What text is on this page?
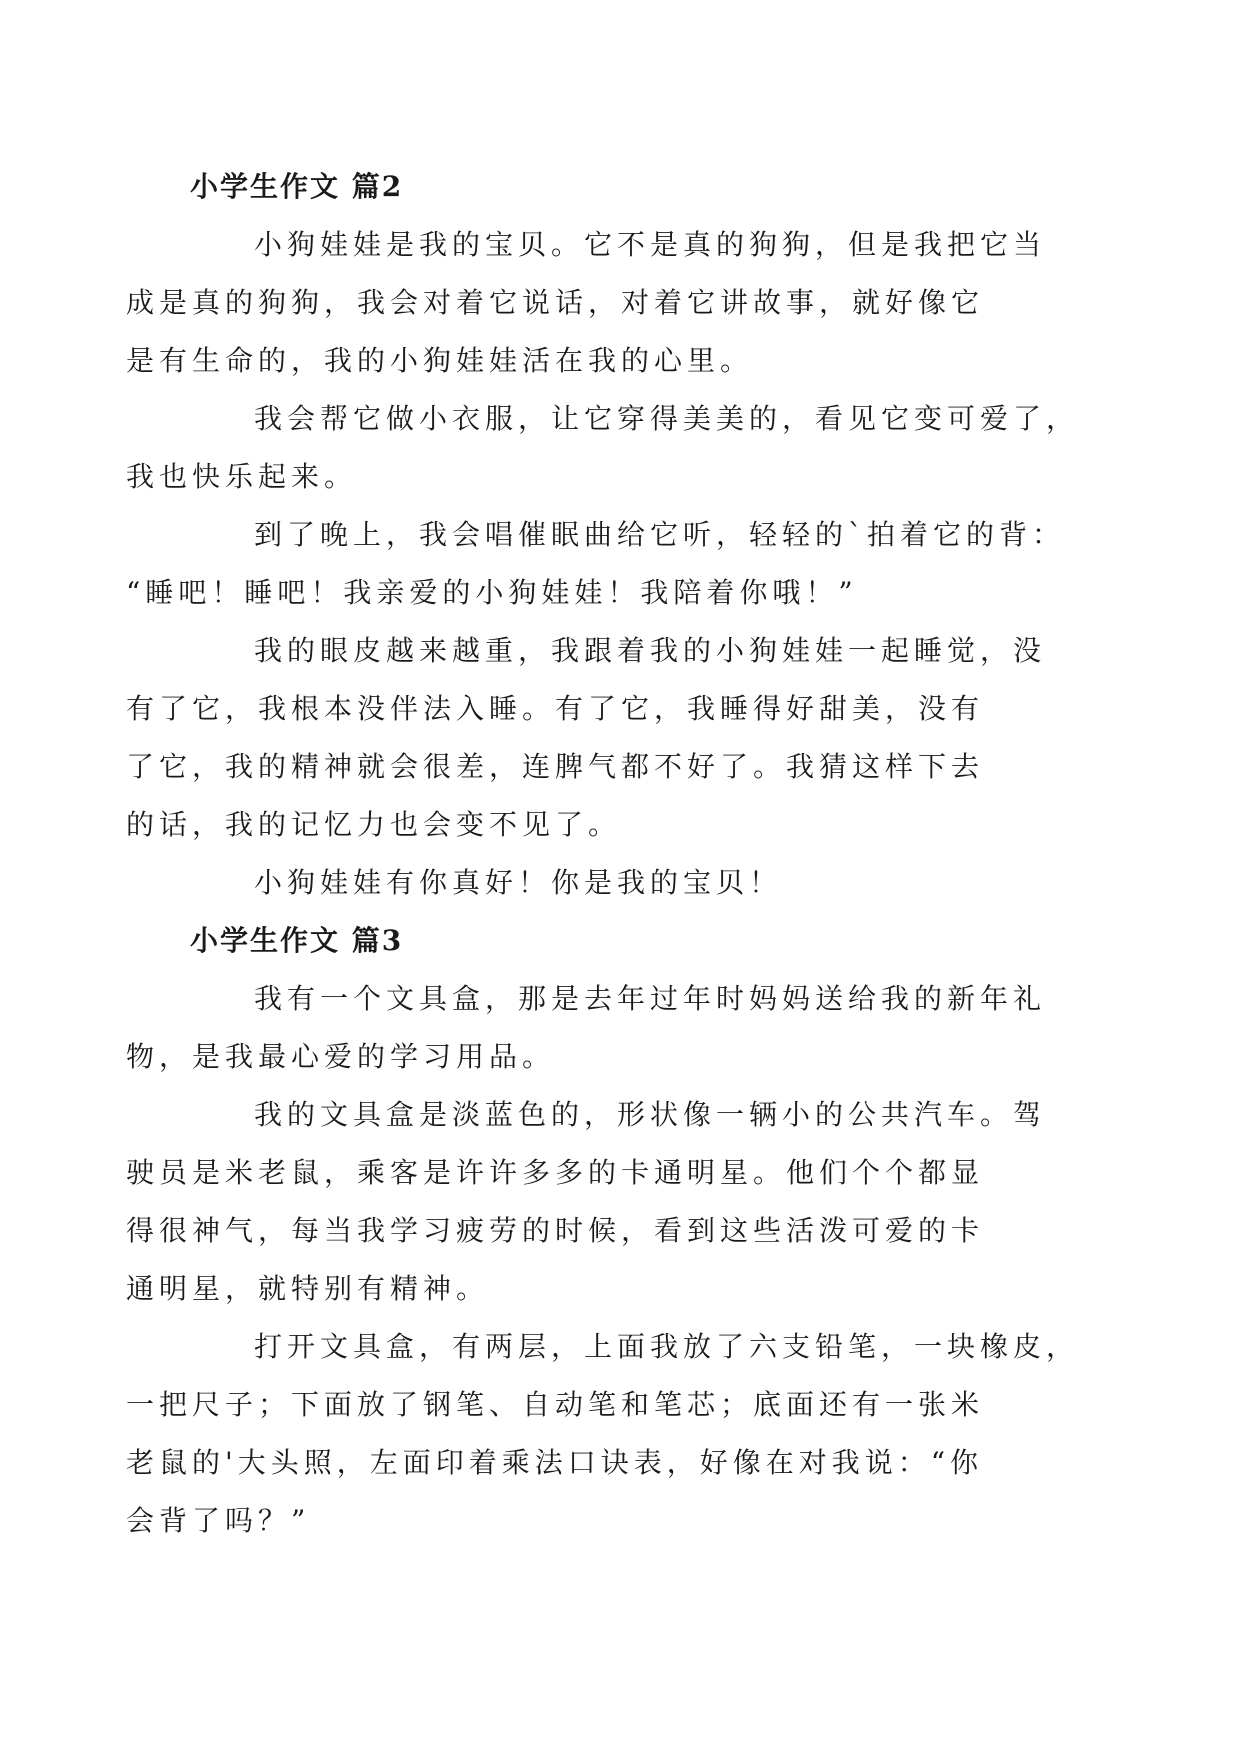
小学生作文 篇2

小狗娃娃是我的宝贝。它不是真的狗狗，但是我把它当
成是真的狗狗，我会对着它说话，对着它讲故事，就好像它
是有生命的，我的小狗娃娃活在我的心里。

我会帮它做小衣服，让它穿得美美的，看见它变可爱了，
我也快乐起来。

到了晚上，我会唱催眠曲给它听，轻轻的`拍着它的背：
“睡吧！睡吧！我亲爱的小狗娃娃！我陪着你哦！”

我的眼皮越来越重，我跟着我的小狗娃娃一起睡觉，没
有了它，我根本没伴法入睡。有了它，我睡得好甜美，没有
了它，我的精神就会很差，连脾气都不好了。我猜这样下去
的话，我的记忆力也会变不见了。

小狗娃娃有你真好！你是我的宝贝！

小学生作文 篇3

我有一个文具盒，那是去年过年时妈妈送给我的新年礼
物，是我最心爱的学习用品。

我的文具盒是淡蓝色的，形状像一辆小的公共汽车。驾
驶员是米老鼠，乘客是许许多多的卡通明星。他们个个都显
得很神气，每当我学习疲劳的时候，看到这些活泼可爱的卡
通明星，就特别有精神。

打开文具盒，有两层，上面我放了六支铅笔，一块橡皮，
一把尺子；下面放了钢笔、自动笔和笔芯；底面还有一张米
老鼠的'大头照，左面印着乘法口诀表，好像在对我说：“你
会背了吗？”
